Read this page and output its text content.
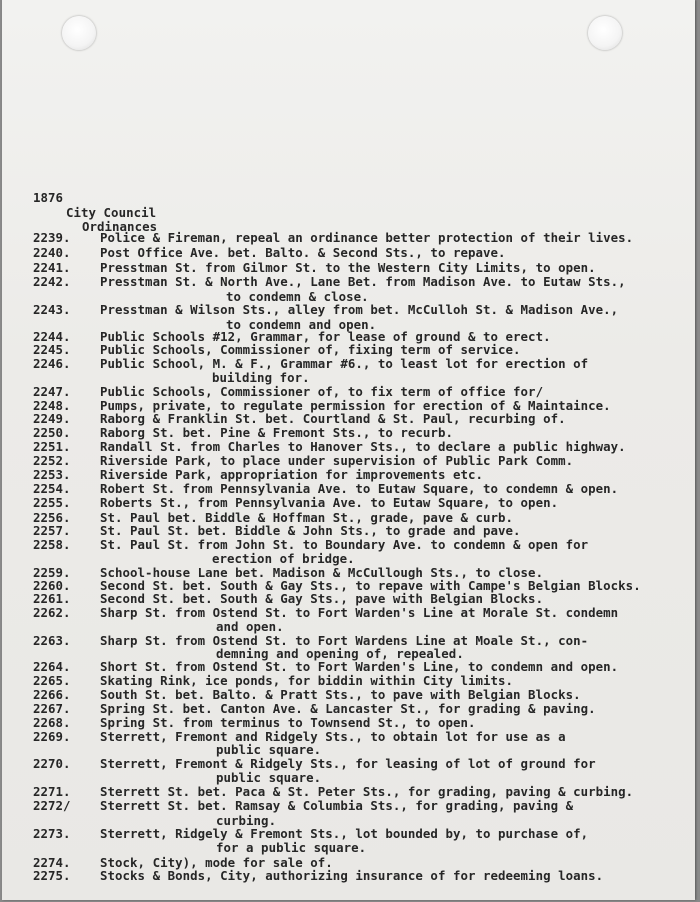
1876

City Council

Ordinances

2239. Police & Fireman, repeal an ordinance better protection of their lives.
2240. Post Office Ave. bet. Balto. & Second Sts., to repave.
2241. Presstman St. from Gilmor St. to the Western City Limits, to open.
2242. Presstman St. & North Ave., Lane Bet. from Madison Ave. to Eutaw Sts.,
to condemn & close.
2243. Presstman & Wilson Sts., alley from bet. McCulloh St. & Madison Ave.,
to condemn and open.
2244. Public Schools #12, Grammar, for lease of ground & to erect.
2245. Public Schools, Commissioner of, fixing term of service.
2246. Public School, M. & F., Grammar #6., to least lot for erection of
building for.
2247. Public Schools, Commissioner of, to fix term of office for/
2248. Pumps, private, to regulate permission for erection of & Maintaince.
2249. Raborg & Franklin St. bet. Courtland & St. Paul, recurbing of.
2250. Raborg St. bet. Pine & Fremont Sts., to recurb.
2251. Randall St. from Charles to Hanover Sts., to declare a public highway.
2252. Riverside Park, to place under supervision of Public Park Comm.
2253. Riverside Park, appropriation for improvements etc.
2254. Robert St. from Pennsylvania Ave. to Eutaw Square, to condemn & open.
2255. Roberts St., from Pennsylvania Ave. to Eutaw Square, to open.
2256. St. Paul bet. Biddle & Hoffman St., grade, pave & curb.
2257. St. Paul St. bet. Biddle & John Sts., to grade and pave.
2258. St. Paul St. from John St. to Boundary Ave. to condemn & open for
erection of bridge.
2259. School-house Lane bet. Madison & McCullough Sts., to close.
2260. Second St. bet. South & Gay Sts., to repave with Campe's Belgian Blocks.
2261. Second St. bet. South & Gay Sts., pave with Belgian Blocks.
2262. Sharp St. from Ostend St. to Fort Warden's Line at Morale St. condemn
and open.
2263. Sharp St. from Ostend St. to Fort Wardens Line at Moale St., con-
demning and opening of, repealed.
2264. Short St. from Ostend St. to Fort Warden's Line, to condemn and open.
2265. Skating Rink, ice ponds, for biddin within City limits.
2266. South St. bet. Balto. & Pratt Sts., to pave with Belgian Blocks.
2267. Spring St. bet. Canton Ave. & Lancaster St., for grading & paving.
2268. Spring St. from terminus to Townsend St., to open.
2269. Sterrett, Fremont and Ridgely Sts., to obtain lot for use as a
public square.
2270. Sterrett, Fremont & Ridgely Sts., for leasing of lot of ground for
public square.
2271. Sterrett St. bet. Paca & St. Peter Sts., for grading, paving & curbing.
2272/ Sterrett St. bet. Ramsay & Columbia Sts., for grading, paving &
curbing.
2273. Sterrett, Ridgely & Fremont Sts., lot bounded by, to purchase of,
for a public square.
2274. Stock, City), mode for sale of.
2275. Stocks & Bonds, City, authorizing insurance of for redeeming loans.
